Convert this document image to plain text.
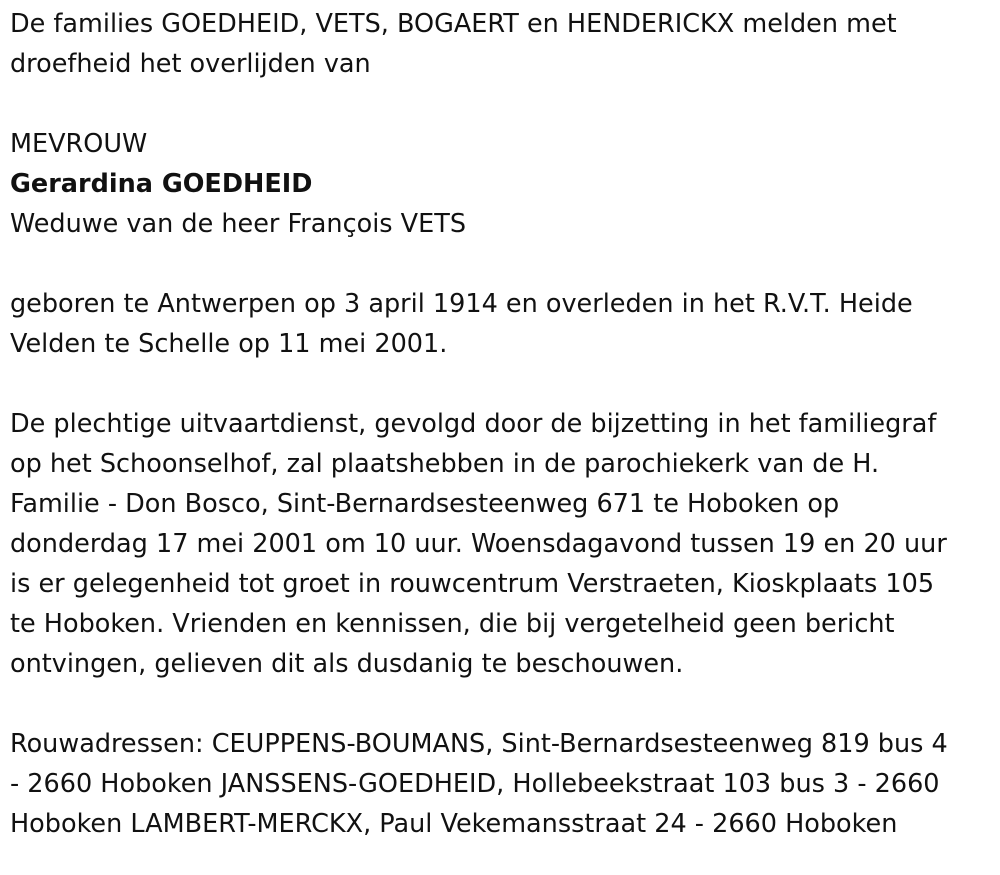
De families GOEDHEID, VETS, BOGAERT en HENDERICKX melden met
droefheid het overlijden van

MEVROUW

Gerardina GOEDHEID

Weduwe van de heer François VETS

geboren te Antwerpen op 3 april 1914 en overleden in het R.V.T. Heide
Velden te Schelle op 11 mei 2001.

De plechtige uitvaartdienst, gevolgd door de bijzetting in het familiegraf
op het Schoonselhof, zal plaatshebben in de parochiekerk van de H.
Familie - Don Bosco, Sint-Bernardsesteenweg 671 te Hoboken op
donderdag 17 mei 2001 om 10 uur. Woensdagavond tussen 19 en 20 uur
is er gelegenheid tot groet in rouwcentrum Verstraeten, Kioskplaats 105
te Hoboken. Vrienden en kennissen, die bij vergetelheid geen bericht
ontvingen, gelieven dit als dusdanig te beschouwen.

Rouwadressen: CEUPPENS-BOUMANS, Sint-Bernardsesteenweg 819 bus 4
- 2660 Hoboken JANSSENS-GOEDHEID, Hollebeekstraat 103 bus 3 - 2660
Hoboken LAMBERT-MERCKX, Paul Vekemansstraat 24 - 2660 Hoboken
